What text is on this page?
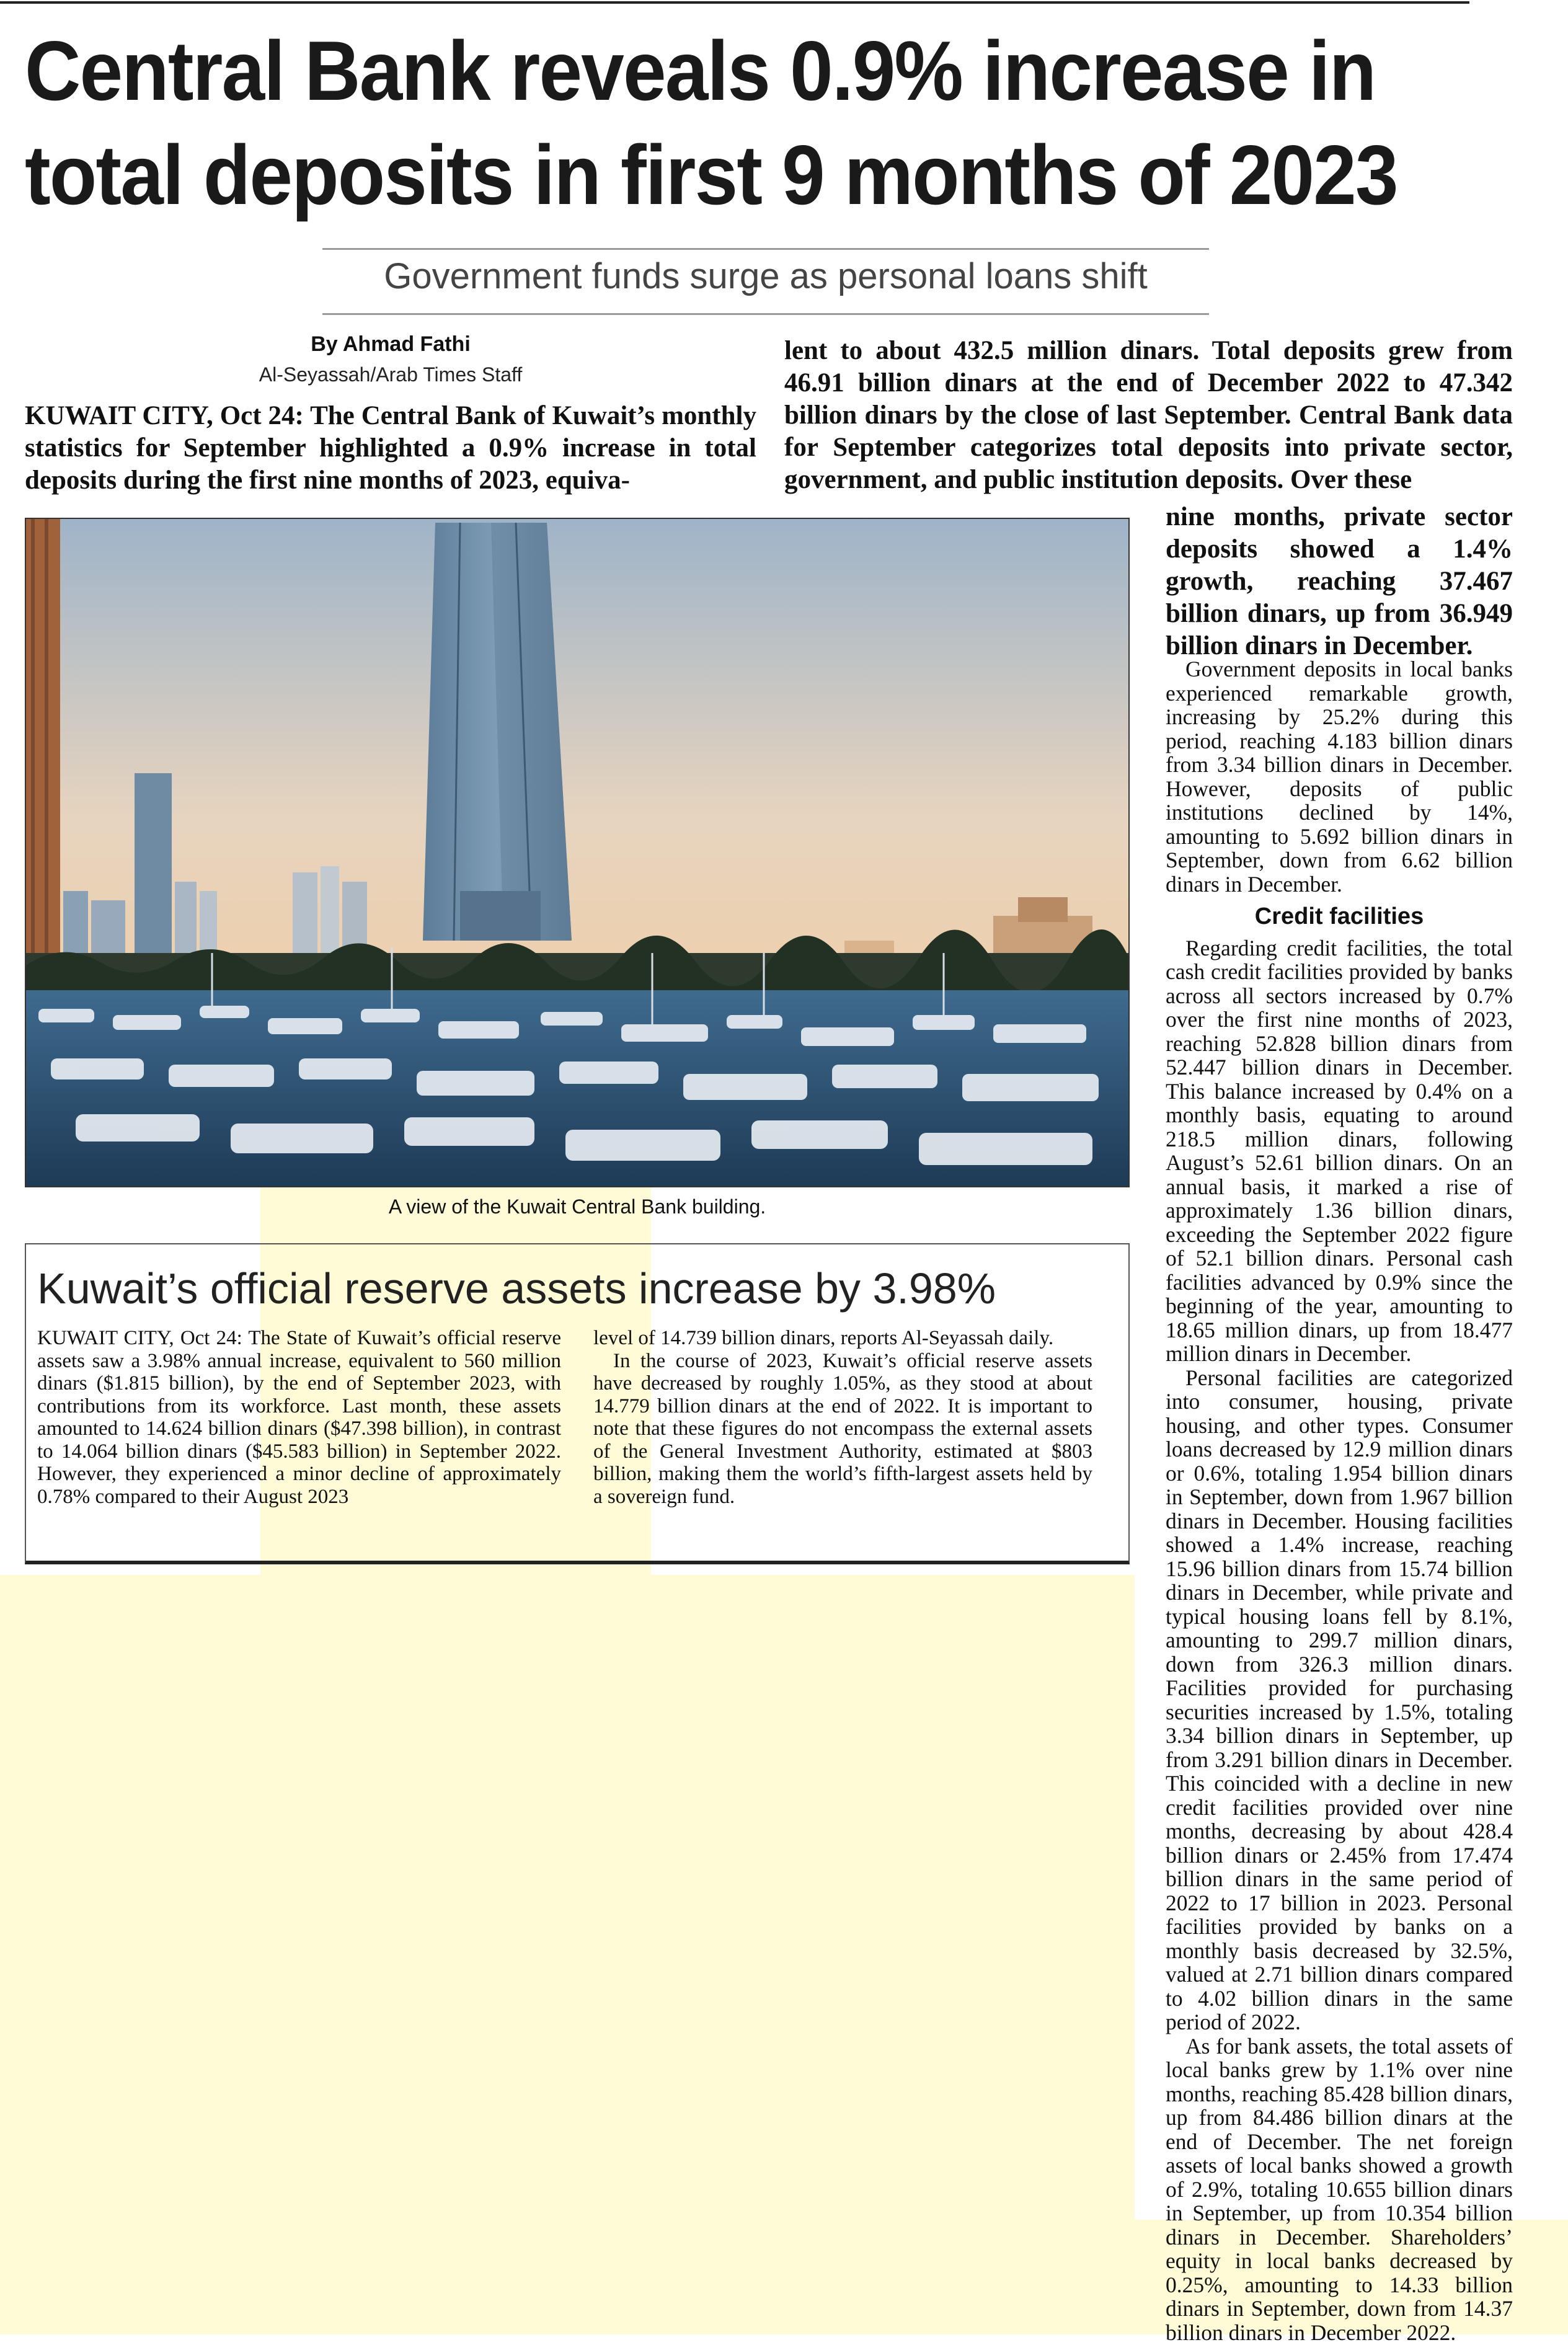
Central Bank reveals 0.9% increase in total deposits in first 9 months of 2023
Government funds surge as personal loans shift
By Ahmad Fathi
Al-Seyassah/Arab Times Staff
KUWAIT CITY, Oct 24: The Central Bank of Kuwait’s monthly statistics for September highlighted a 0.9% increase in total deposits during the first nine months of 2023, equiva-
lent to about 432.5 million dinars. Total deposits grew from 46.91 billion dinars at the end of December 2022 to 47.342 billion dinars by the close of last September. Central Bank data for September categorizes total deposits into private sector, government, and public institution deposits. Over these
nine months, private sector deposits showed a 1.4% growth, reaching 37.467 billion dinars, up from 36.949 billion dinars in December.
A view of the Kuwait Central Bank building.
Kuwait’s official reserve assets increase by 3.98%
KUWAIT CITY, Oct 24: The State of Kuwait’s official reserve assets saw a 3.98% annual increase, equivalent to 560 million dinars ($1.815 billion), by the end of September 2023, with contributions from its workforce. Last month, these assets amounted to 14.624 billion dinars ($47.398 billion), in contrast to 14.064 billion dinars ($45.583 billion) in September 2022. However, they experienced a minor decline of approximately 0.78% compared to their August 2023
level of 14.739 billion dinars, reports Al-Seyassah daily.
In the course of 2023, Kuwait’s official reserve assets have decreased by roughly 1.05%, as they stood at about 14.779 billion dinars at the end of 2022. It is important to note that these figures do not encompass the external assets of the General Investment Authority, estimated at $803 billion, making them the world’s fifth-largest assets held by a sovereign fund.
Government deposits in local banks experienced remarkable growth, increasing by 25.2% during this period, reaching 4.183 billion dinars from 3.34 billion dinars in December. However, deposits of public institutions declined by 14%, amounting to 5.692 billion dinars in September, down from 6.62 billion dinars in December.
Credit facilities
Regarding credit facilities, the total cash credit facilities provided by banks across all sectors increased by 0.7% over the first nine months of 2023, reaching 52.828 billion dinars from 52.447 billion dinars in December. This balance increased by 0.4% on a monthly basis, equating to around 218.5 million dinars, following August’s 52.61 billion dinars. On an annual basis, it marked a rise of approximately 1.36 billion dinars, exceeding the September 2022 figure of 52.1 billion dinars. Personal cash facilities advanced by 0.9% since the beginning of the year, amounting to 18.65 million dinars, up from 18.477 million dinars in December.
Personal facilities are categorized into consumer, housing, private housing, and other types. Consumer loans decreased by 12.9 million dinars or 0.6%, totaling 1.954 billion dinars in September, down from 1.967 billion dinars in December. Housing facilities showed a 1.4% increase, reaching 15.96 billion dinars from 15.74 billion dinars in December, while private and typical housing loans fell by 8.1%, amounting to 299.7 million dinars, down from 326.3 million dinars. Facilities provided for purchasing securities increased by 1.5%, totaling 3.34 billion dinars in September, up from 3.291 billion dinars in December. This coincided with a decline in new credit facilities provided over nine months, decreasing by about 428.4 billion dinars or 2.45% from 17.474 billion dinars in the same period of 2022 to 17 billion in 2023. Personal facilities provided by banks on a monthly basis decreased by 32.5%, valued at 2.71 billion dinars compared to 4.02 billion dinars in the same period of 2022.
As for bank assets, the total assets of local banks grew by 1.1% over nine months, reaching 85.428 billion dinars, up from 84.486 billion dinars at the end of December. The net foreign assets of local banks showed a growth of 2.9%, totaling 10.655 billion dinars in September, up from 10.354 billion dinars in December. Shareholders’ equity in local banks decreased by 0.25%, amounting to 14.33 billion dinars in September, down from 14.37 billion dinars in December 2022.
